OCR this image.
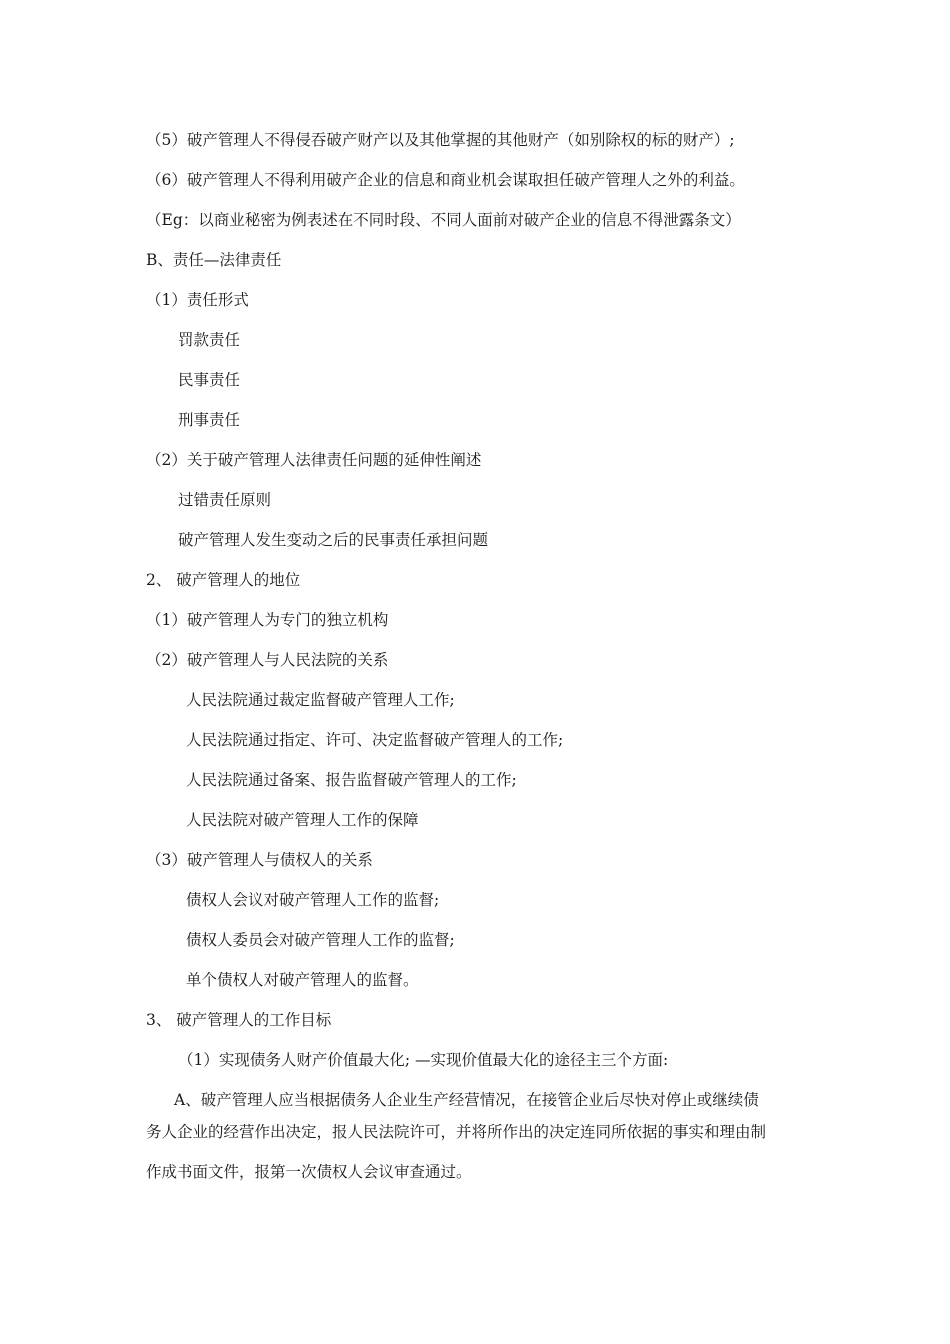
（5）破产管理人不得侵吞破产财产以及其他掌握的其他财产（如别除权的标的财产）;
（6）破产管理人不得利用破产企业的信息和商业机会谋取担任破产管理人之外的利益。
（Eg：以商业秘密为例表述在不同时段、不同人面前对破产企业的信息不得泄露条文）
B、责任—法律责任
（1）责任形式
罚款责任
民事责任
刑事责任
（2）关于破产管理人法律责任问题的延伸性阐述
过错责任原则
破产管理人发生变动之后的民事责任承担问题
2、 破产管理人的地位
（1）破产管理人为专门的独立机构
（2）破产管理人与人民法院的关系
人民法院通过裁定监督破产管理人工作;
人民法院通过指定、许可、决定监督破产管理人的工作;
人民法院通过备案、报告监督破产管理人的工作;
人民法院对破产管理人工作的保障
（3）破产管理人与债权人的关系
债权人会议对破产管理人工作的监督;
债权人委员会对破产管理人工作的监督;
单个债权人对破产管理人的监督。
3、 破产管理人的工作目标
（1）实现债务人财产价值最大化; —实现价值最大化的途径主三个方面:
A、破产管理人应当根据债务人企业生产经营情况，在接管企业后尽快对停止或继续债
务人企业的经营作出决定，报人民法院许可，并将所作出的决定连同所依据的事实和理由制
作成书面文件，报第一次债权人会议审查通过。
